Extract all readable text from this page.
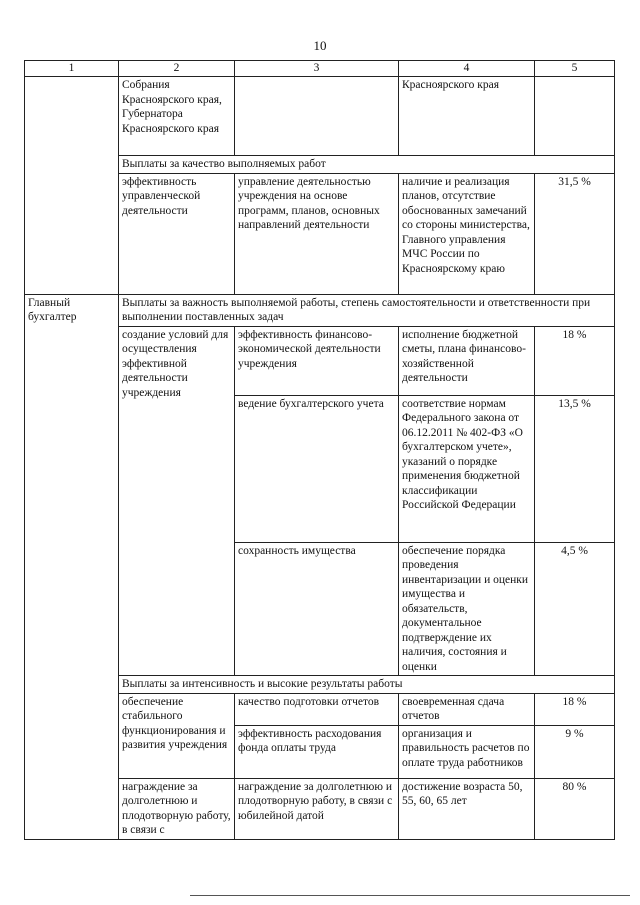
10
1	2	3	4	5
	Собрания Красноярского края, Губернатора Красноярского края		Красноярского края	
	Выплаты за качество выполняемых работ			
	эффективность управленческой деятельности	управление деятельностью учреждения на основе программ, планов, основных направлений деятельности	наличие и реализация планов, отсутствие обоснованных замечаний со стороны министерства, Главного управления МЧС России по Красноярскому краю	31,5 %
Главный бухгалтер	Выплаты за важность выполняемой работы, степень самостоятельности и ответственности при выполнении поставленных задач			
	создание условий для осуществления эффективной деятельности учреждения	эффективность финансово-экономической деятельности учреждения	исполнение бюджетной сметы, плана финансово-хозяйственной деятельности	18 %
		ведение бухгалтерского учета	соответствие нормам Федерального закона от 06.12.2011 № 402-ФЗ «О бухгалтерском учете», указаний о порядке применения бюджетной классификации Российской Федерации	13,5 %
		сохранность имущества	обеспечение порядка проведения инвентаризации и оценки имущества и обязательств, документальное подтверждение их наличия, состояния и оценки	4,5 %
	Выплаты за интенсивность и высокие результаты работы			
	обеспечение стабильного функционирования и развития учреждения	качество подготовки отчетов	своевременная сдача отчетов	18 %
		эффективность расходования фонда оплаты труда	организация и правильность расчетов по оплате труда работников	9 %
	награждение за долголетнюю и плодотворную работу, в связи с	награждение за долголетнюю и плодотворную работу, в связи с юбилейной датой	достижение возраста 50, 55, 60, 65 лет	80 %
